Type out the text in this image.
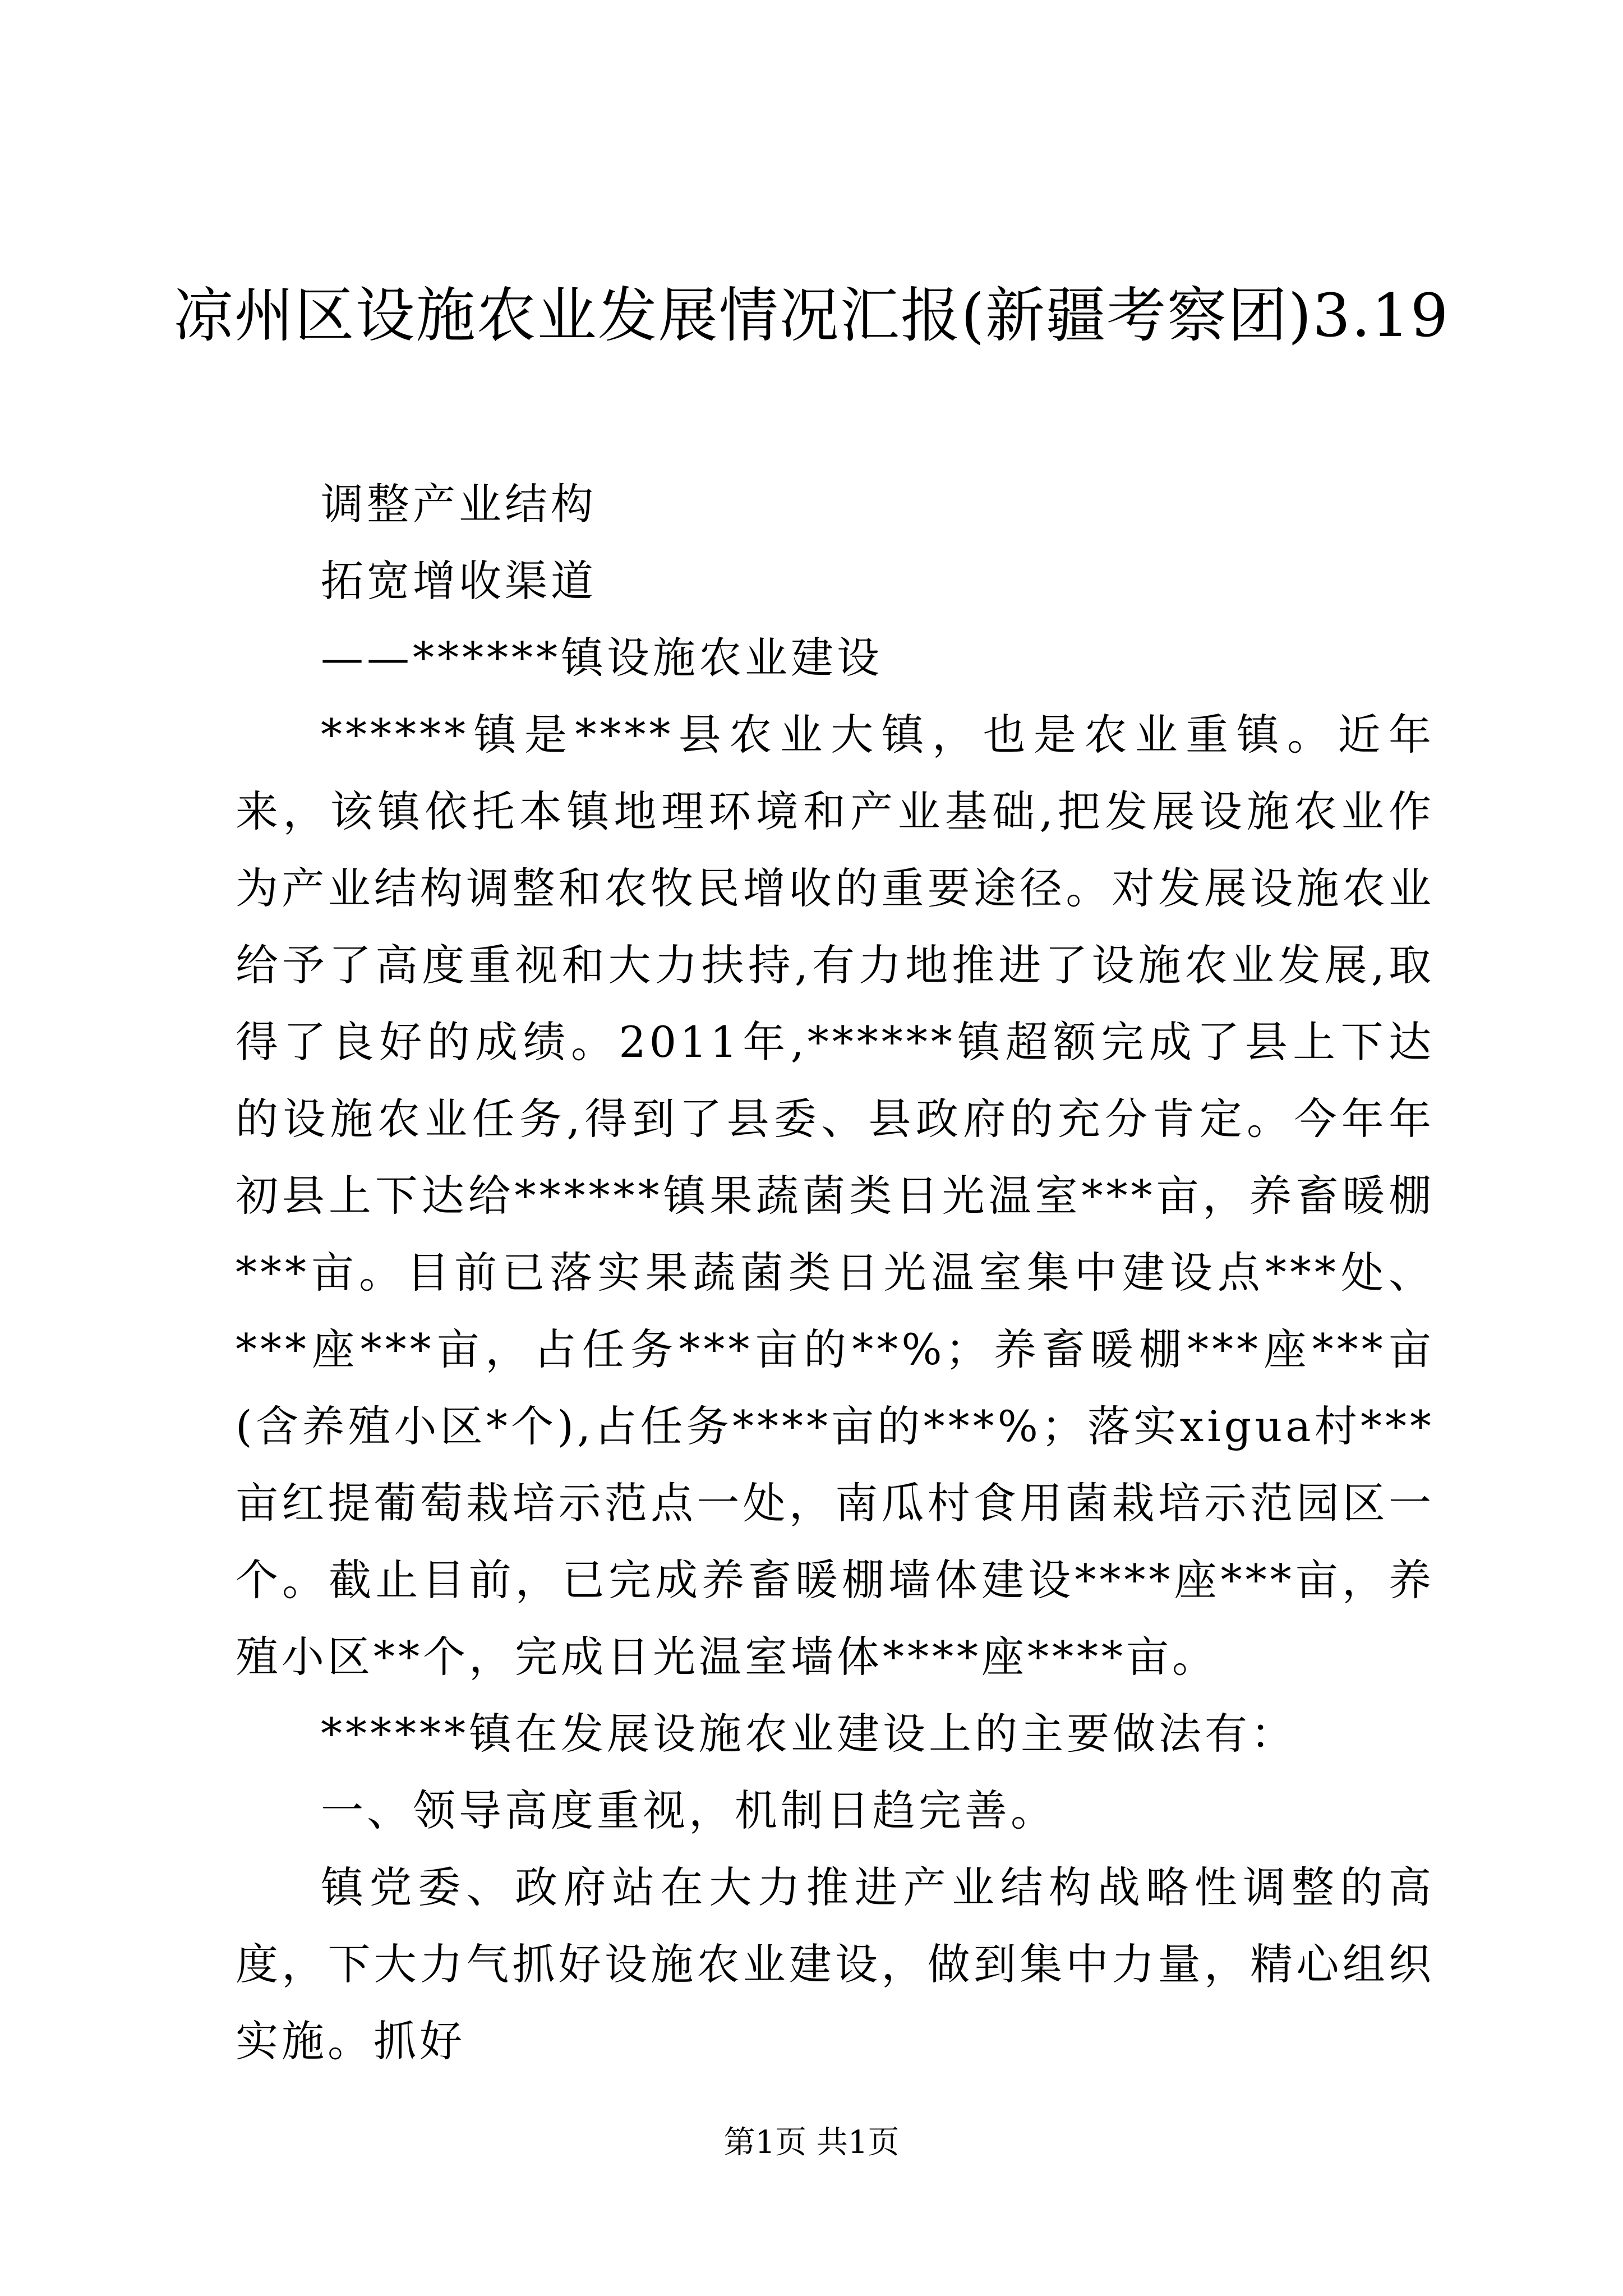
凉州区设施农业发展情况汇报(新疆考察团)3.19

调整产业结构

拓宽增收渠道

——******镇设施农业建设

******镇是****县农业大镇，也是农业重镇。近年来，该镇依托本镇地理环境和产业基础,把发展设施农业作为产业结构调整和农牧民增收的重要途径。对发展设施农业给予了高度重视和大力扶持,有力地推进了设施农业发展,取得了良好的成绩。2011年,******镇超额完成了县上下达的设施农业任务,得到了县委、县政府的充分肯定。今年年初县上下达给******镇果蔬菌类日光温室***亩，养畜暖棚***亩。目前已落实果蔬菌类日光温室集中建设点***处、***座***亩，占任务***亩的**%；养畜暖棚***座***亩(含养殖小区*个),占任务****亩的***%；落实xigua村***亩红提葡萄栽培示范点一处，南瓜村食用菌栽培示范园区一个。截止目前，已完成养畜暖棚墙体建设****座***亩，养殖小区**个，完成日光温室墙体****座****亩。

******镇在发展设施农业建设上的主要做法有：

一、领导高度重视，机制日趋完善。

镇党委、政府站在大力推进产业结构战略性调整的高度，下大力气抓好设施农业建设，做到集中力量，精心组织实施。抓好

第1页 共1页
